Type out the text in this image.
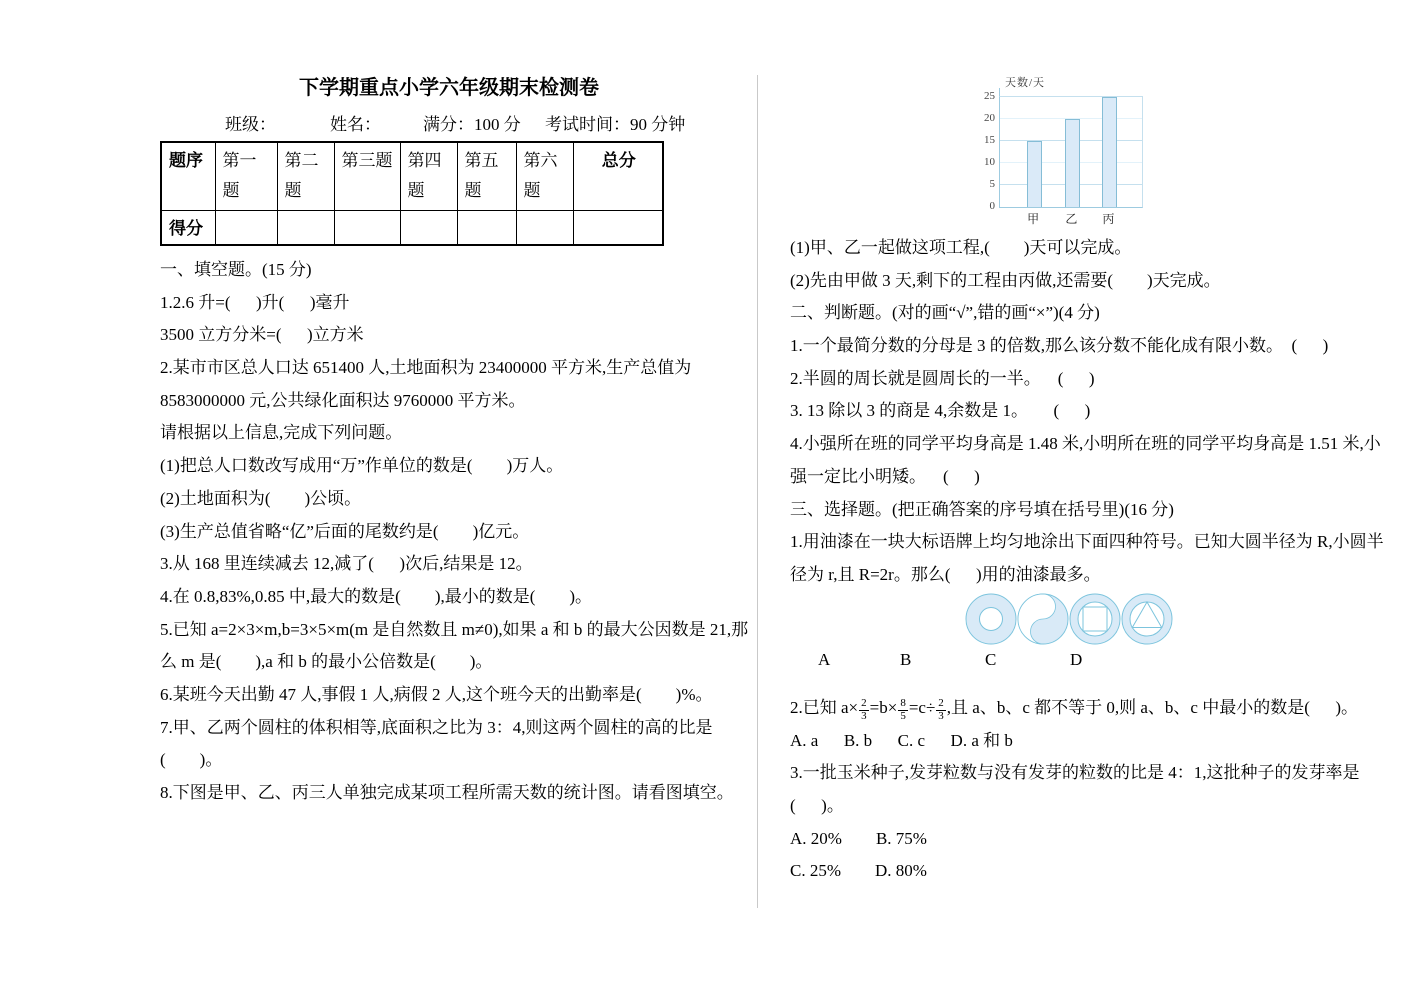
下学期重点小学六年级期末检测卷

班级：	姓名： 满分：100 分 考试时间：90 分钟
题序	第一题	第二题	第三题	第四题	第五题	第六题	总分
得分							

一、填空题。(15 分)

1.2.6 升=(      )升(      )毫升

3500 立方分米=(      )立方米

2.某市市区总人口达 651400 人,土地面积为 23400000 平方米,生产总值为

8583000000 元,公共绿化面积达 9760000 平方米。

请根据以上信息,完成下列问题。

(1)把总人口数改写成用“万”作单位的数是(        )万人。

(2)土地面积为(        )公顷。

(3)生产总值省略“亿”后面的尾数约是(        )亿元。

3.从 168 里连续减去 12,减了(      )次后,结果是 12。

4.在 0.8,83%,0.85 中,最大的数是(        ),最小的数是(        )。

5.已知 a=2×3×m,b=3×5×m(m 是自然数且 m≠0),如果 a 和 b 的最大公因数是 21,那

么 m 是(        ),a 和 b 的最小公倍数是(        )。

6.某班今天出勤 47 人,事假 1 人,病假 2 人,这个班今天的出勤率是(        )%。

7.甲、乙两个圆柱的体积相等,底面积之比为 3：4,则这两个圆柱的高的比是

(        )。

8.下图是甲、乙、丙三人单独完成某项工程所需天数的统计图。请看图填空。

天数/天
0
5
10
15
20
25
甲	乙	丙

(1)甲、乙一起做这项工程,(        )天可以完成。

(2)先由甲做 3 天,剩下的工程由丙做,还需要(        )天完成。

二、判断题。(对的画“√”,错的画“×”)(4 分)

1.一个最简分数的分母是 3 的倍数,那么该分数不能化成有限小数。  (      )

2.半圆的周长就是圆周长的一半。    (      )

3. 13 除以 3 的商是 4,余数是 1。      (      )

4.小强所在班的同学平均身高是 1.48 米,小明所在班的同学平均身高是 1.51 米,小

强一定比小明矮。    (      )

三、选择题。(把正确答案的序号填在括号里)(16 分)

1.用油漆在一块大标语牌上均匀地涂出下面四种符号。已知大圆半径为 R,小圆半

径为 r,且 R=2r。那么(      )用的油漆最多。

A	B	C	D

2.已知 $a\times \frac{2}{3} =b\times \frac{8}{5} =c\div \frac{2}{3}$ ,且 a、b、c 都不等于 0,则 a、b、c 中最小的数是(      )。

A. a      B. b      C. c      D. a 和 b

3.一批玉米种子,发芽粒数与没有发芽的粒数的比是 4：1,这批种子的发芽率是

(      )。

A. 20%        B. 75%

C. 25%        D. 80%
